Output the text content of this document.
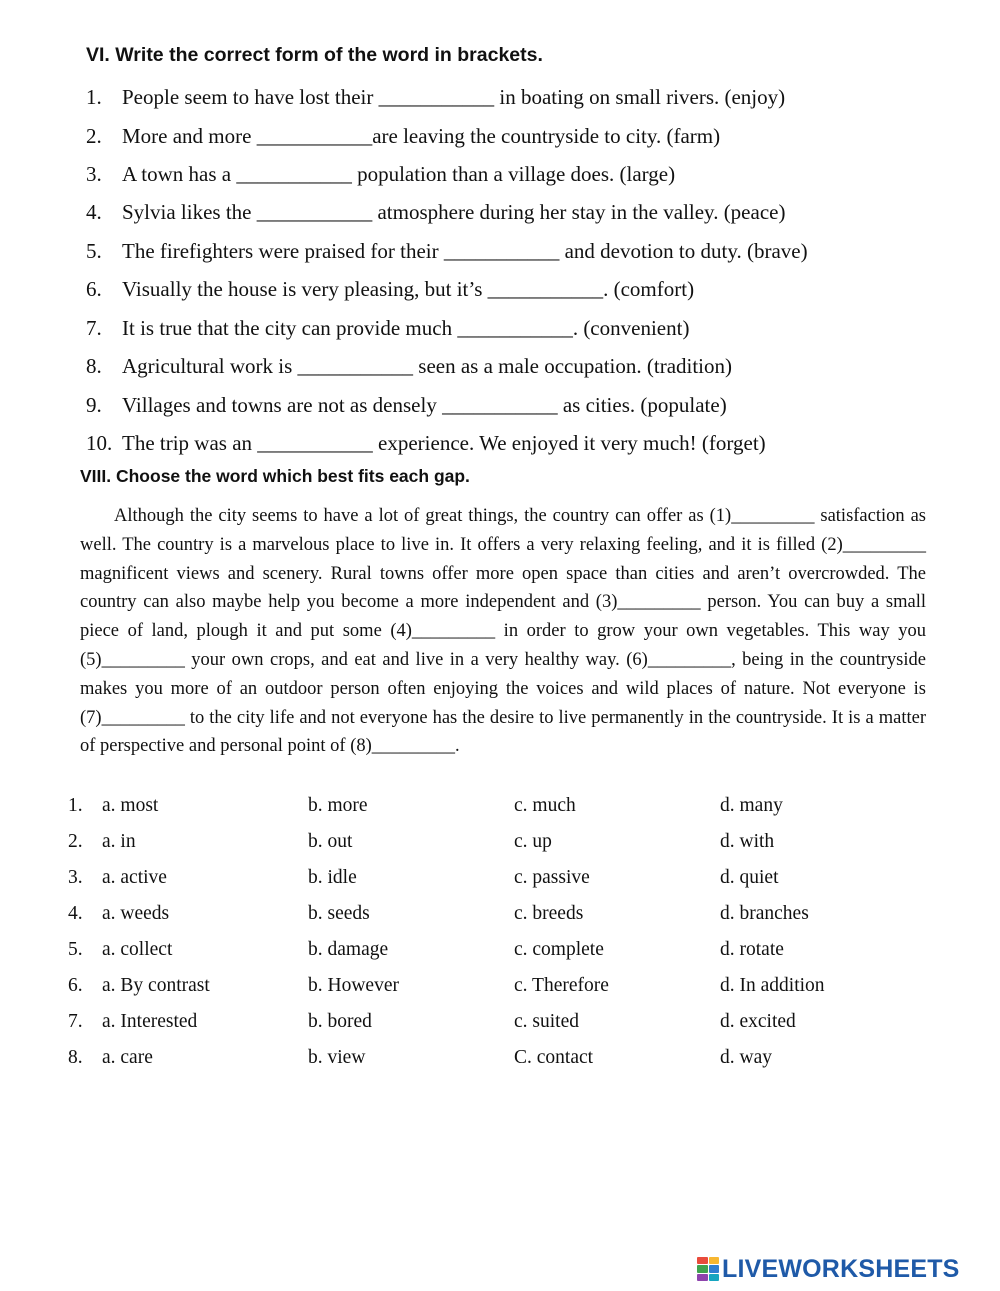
VI. Write the correct form of the word in brackets.
1. People seem to have lost their ___________ in boating on small rivers. (enjoy)
2. More and more ___________are leaving the countryside to city. (farm)
3. A town has a ___________ population than a village does. (large)
4. Sylvia likes the ___________ atmosphere during her stay in the valley. (peace)
5. The firefighters were praised for their ___________ and devotion to duty. (brave)
6. Visually the house is very pleasing, but it’s ___________. (comfort)
7. It is true that the city can provide much ___________. (convenient)
8. Agricultural work is ___________ seen as a male occupation. (tradition)
9. Villages and towns are not as densely ___________ as cities. (populate)
10. The trip was an ___________ experience. We enjoyed it very much! (forget)
VIII. Choose the word which best fits each gap.
Although the city seems to have a lot of great things, the country can offer as (1)_________ satisfaction as well. The country is a marvelous place to live in. It offers a very relaxing feeling, and it is filled (2)_________ magnificent views and scenery. Rural towns offer more open space than cities and aren’t overcrowded. The country can also maybe help you become a more independent and (3)_________ person. You can buy a small piece of land, plough it and put some (4)_________ in order to grow your own vegetables. This way you (5)_________ your own crops, and eat and live in a very healthy way. (6)_________, being in the countryside makes you more of an outdoor person often enjoying the voices and wild places of nature. Not everyone is (7)_________ to the city life and not everyone has the desire to live permanently in the countryside. It is a matter of perspective and personal point of (8)_________.
1. a. most	b. more	c. much	d. many
2. a. in	b. out	c. up	d. with
3. a. active	b. idle	c. passive	d. quiet
4. a. weeds	b. seeds	c. breeds	d. branches
5. a. collect	b. damage	c. complete	d. rotate
6. a. By contrast	b. However	c. Therefore	d. In addition
7. a. Interested	b. bored	c. suited	d. excited
8. a. care	b. view	C. contact	d. way
LIVEWORKSHEETS
